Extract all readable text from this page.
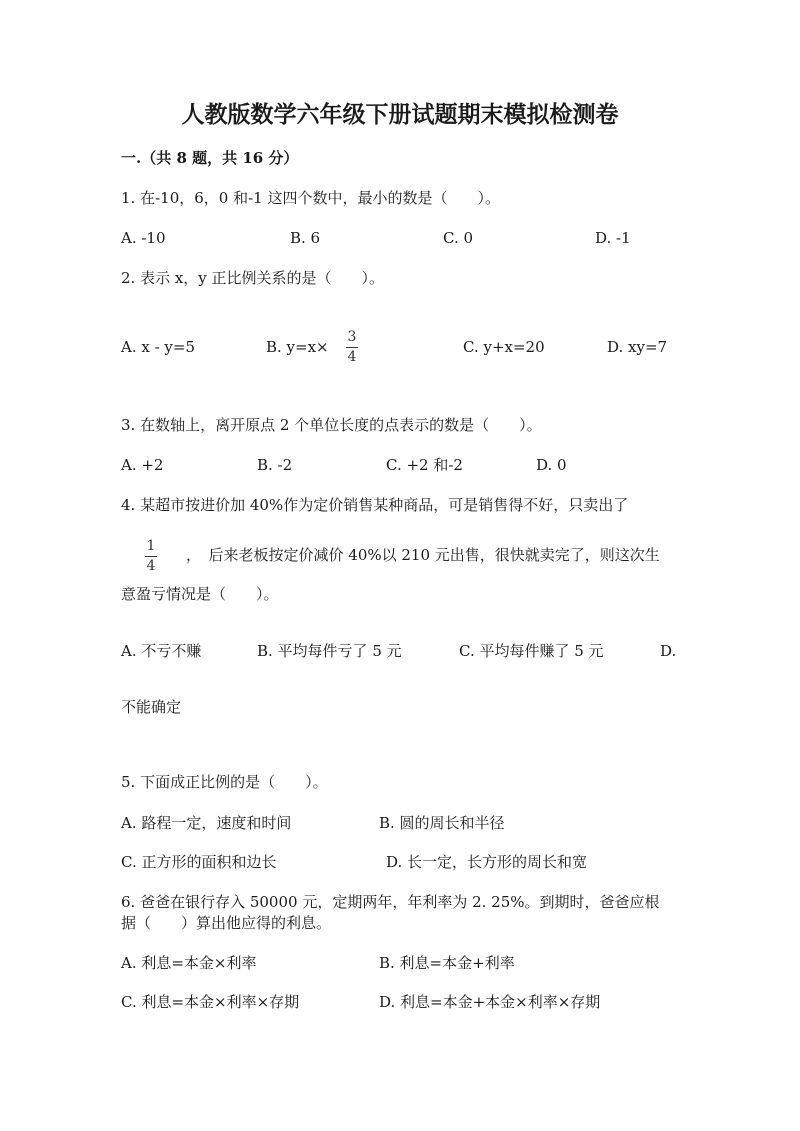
人教版数学六年级下册试题期末模拟检测卷
一.（共 8 题，共 16 分）
1. 在-10，6，0 和-1 这四个数中，最小的数是（　　）。
A. -10	B. 6	C. 0	D. -1
2. 表示 x，y 正比例关系的是（　　）。
A. x - y=5	B. y=x×
3
4
C. y+x=20	D. xy=7
3. 在数轴上，离开原点 2 个单位长度的点表示的数是（　　）。
A. +2	B. -2	C. +2 和-2	D. 0
4. 某超市按进价加 40%作为定价销售某种商品，可是销售得不好，只卖出了
1
4
，　后来老板按定价减价 40%以 210 元出售，很快就卖完了，则这次生
意盈亏情况是（　　）。
A. 不亏不赚	B. 平均每件亏了 5 元	C. 平均每件赚了 5 元	D.
不能确定
5. 下面成正比例的是（　　）。
A. 路程一定，速度和时间	B. 圆的周长和半径
C. 正方形的面积和边长	D. 长一定，长方形的周长和宽
6. 爸爸在银行存入 50000 元，定期两年，年利率为 2. 25%。到期时，爸爸应根
据（　　）算出他应得的利息。
A. 利息=本金×利率	B. 利息=本金+利率
C. 利息=本金×利率×存期	D. 利息=本金+本金×利率×存期
